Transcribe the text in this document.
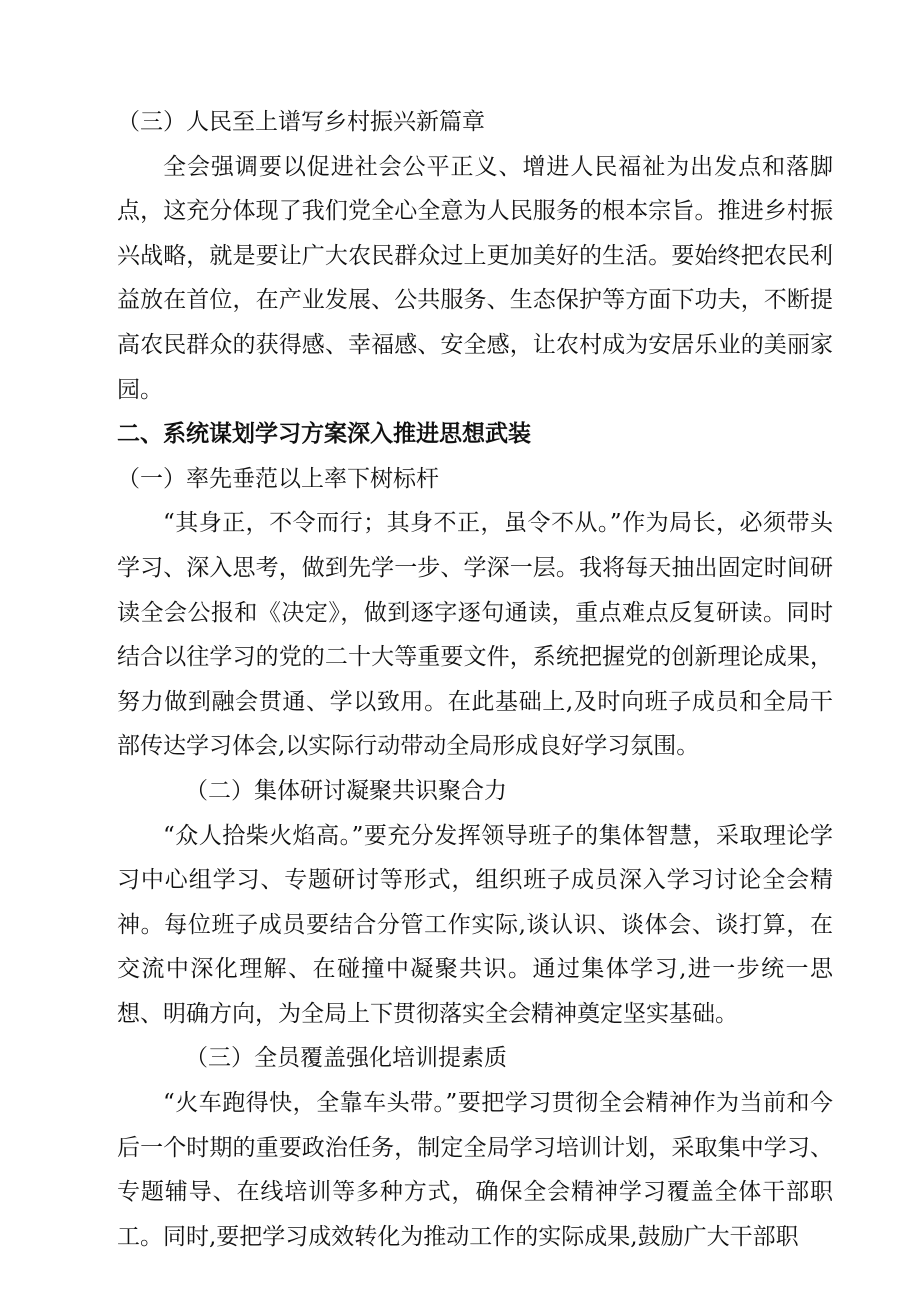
（三）人民至上谱写乡村振兴新篇章

全会强调要以促进社会公平正义、增进人民福祉为出发点和落脚点，这充分体现了我们党全心全意为人民服务的根本宗旨。推进乡村振兴战略，就是要让广大农民群众过上更加美好的生活。要始终把农民利益放在首位，在产业发展、公共服务、生态保护等方面下功夫，不断提高农民群众的获得感、幸福感、安全感，让农村成为安居乐业的美丽家园。

二、系统谋划学习方案深入推进思想武装

（一）率先垂范以上率下树标杆

“其身正，不令而行；其身不正，虽令不从。”作为局长，必须带头学习、深入思考，做到先学一步、学深一层。我将每天抽出固定时间研读全会公报和《决定》，做到逐字逐句通读，重点难点反复研读。同时结合以往学习的党的二十大等重要文件，系统把握党的创新理论成果，努力做到融会贯通、学以致用。在此基础上,及时向班子成员和全局干部传达学习体会,以实际行动带动全局形成良好学习氛围。

（二）集体研讨凝聚共识聚合力

“众人拾柴火焰高。”要充分发挥领导班子的集体智慧，采取理论学习中心组学习、专题研讨等形式，组织班子成员深入学习讨论全会精神。每位班子成员要结合分管工作实际,谈认识、谈体会、谈打算，在交流中深化理解、在碰撞中凝聚共识。通过集体学习,进一步统一思想、明确方向，为全局上下贯彻落实全会精神奠定坚实基础。

（三）全员覆盖强化培训提素质

“火车跑得快，全靠车头带。”要把学习贯彻全会精神作为当前和今后一个时期的重要政治任务，制定全局学习培训计划，采取集中学习、专题辅导、在线培训等多种方式，确保全会精神学习覆盖全体干部职工。同时,要把学习成效转化为推动工作的实际成果,鼓励广大干部职
